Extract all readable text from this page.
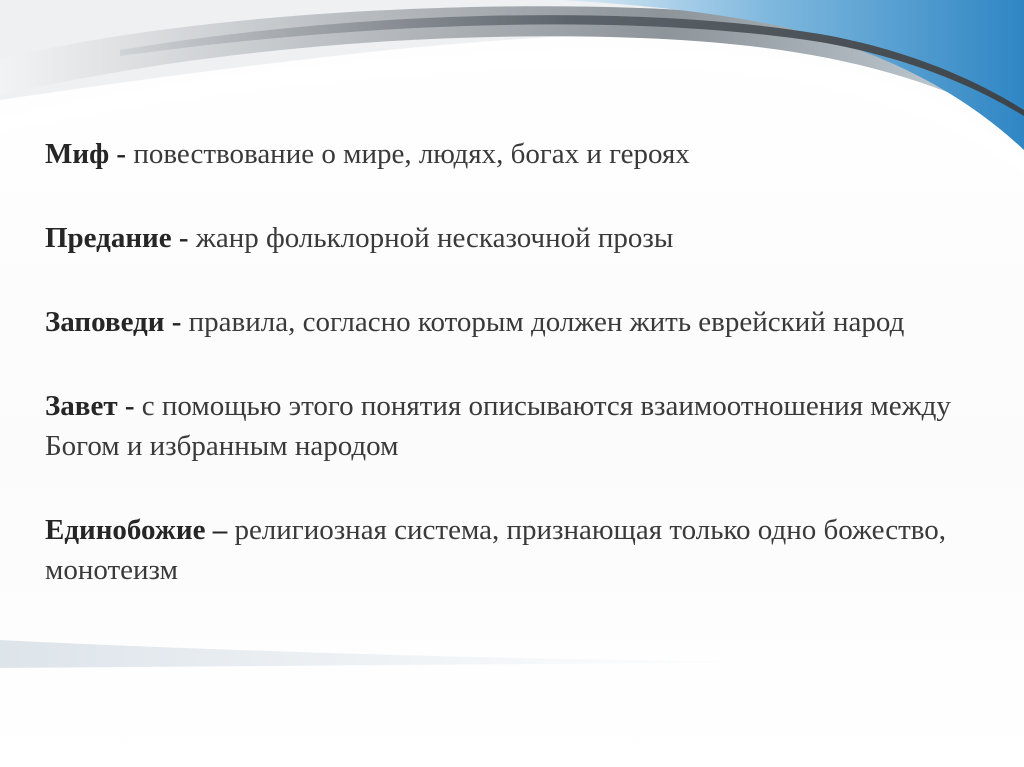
Миф - повествование о мире, людях, богах и героях

Предание - жанр фольклорной несказочной прозы

Заповеди - правила, согласно которым должен жить еврейский народ

Завет - с помощью этого понятия описываются взаимоотношения между Богом и избранным народом

Единобожие – религиозная система, признающая только одно божество, монотеизм
